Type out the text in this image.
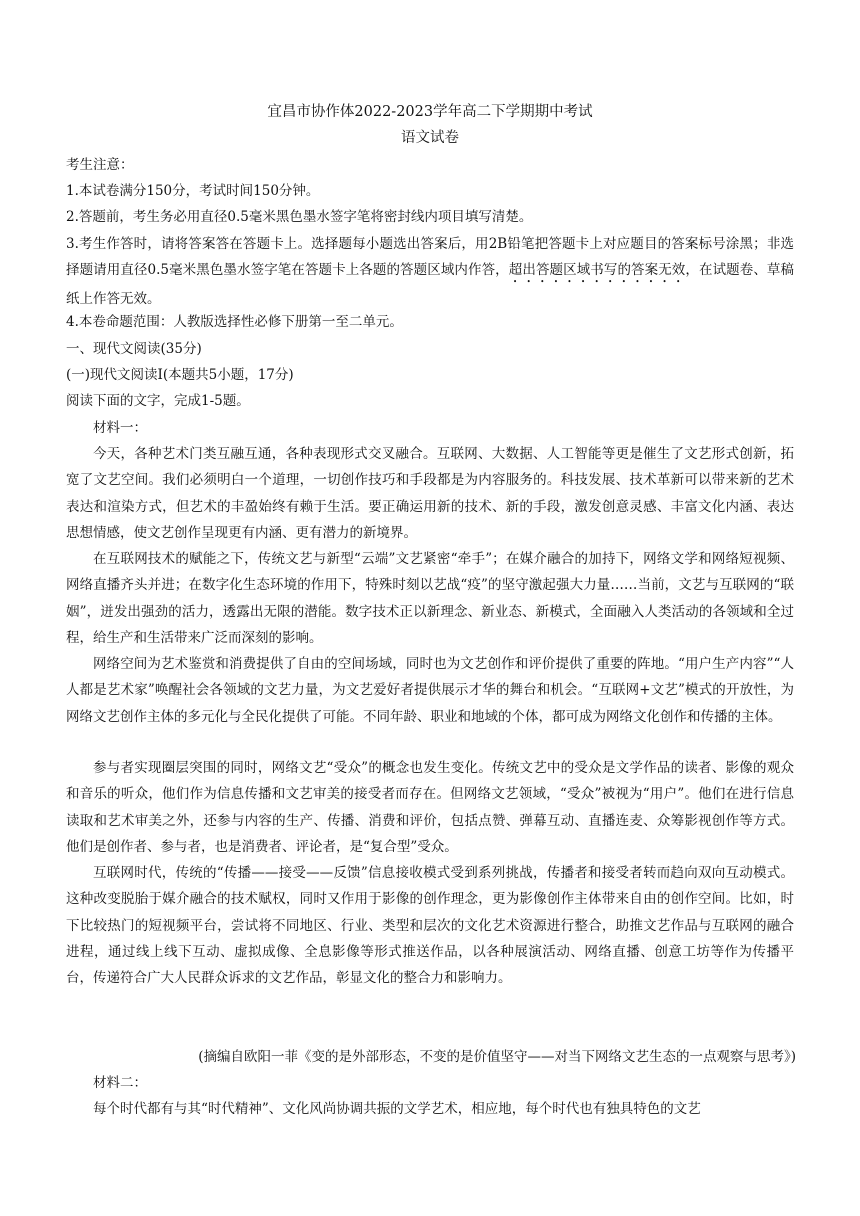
宜昌市协作体2022-2023学年高二下学期期中考试
语文试卷
考生注意：
1.本试卷满分150分，考试时间150分钟。
2.答题前，考生务必用直径0.5毫米黑色墨水签字笔将密封线内项目填写清楚。
3.考生作答时，请将答案答在答题卡上。选择题每小题选出答案后，用2B铅笔把答题卡上对应题目的答案标号涂黑；非选择题请用直径0.5毫米黑色墨水签字笔在答题卡上各题的答题区域内作答，超出答题区域书写的答案无效，在试题卷、草稿纸上作答无效。
4.本卷命题范围：人教版选择性必修下册第一至二单元。
一、现代文阅读(35分)
(一)现代文阅读Ⅰ(本题共5小题，17分)
阅读下面的文字，完成1-5题。
材料一：
今天，各种艺术门类互融互通，各种表现形式交叉融合。互联网、大数据、人工智能等更是催生了文艺形式创新，拓宽了文艺空间。我们必须明白一个道理，一切创作技巧和手段都是为内容服务的。科技发展、技术革新可以带来新的艺术表达和渲染方式，但艺术的丰盈始终有赖于生活。要正确运用新的技术、新的手段，激发创意灵感、丰富文化内涵、表达思想情感，使文艺创作呈现更有内涵、更有潜力的新境界。
在互联网技术的赋能之下，传统文艺与新型“云端”文艺紧密“牵手”；在媒介融合的加持下，网络文学和网络短视频、网络直播齐头并进；在数字化生态环境的作用下，特殊时刻以艺战“疫”的坚守激起强大力量……当前，文艺与互联网的“联姻”，迸发出强劲的活力，透露出无限的潜能。数字技术正以新理念、新业态、新模式，全面融入人类活动的各领域和全过程，给生产和生活带来广泛而深刻的影响。
网络空间为艺术鉴赏和消费提供了自由的空间场域，同时也为文艺创作和评价提供了重要的阵地。“用户生产内容”“人人都是艺术家”唤醒社会各领域的文艺力量，为文艺爱好者提供展示才华的舞台和机会。“互联网+文艺”模式的开放性，为网络文艺创作主体的多元化与全民化提供了可能。不同年龄、职业和地域的个体，都可成为网络文化创作和传播的主体。
参与者实现圈层突围的同时，网络文艺“受众”的概念也发生变化。传统文艺中的受众是文学作品的读者、影像的观众和音乐的听众，他们作为信息传播和文艺审美的接受者而存在。但网络文艺领域，“受众”被视为“用户”。他们在进行信息读取和艺术审美之外，还参与内容的生产、传播、消费和评价，包括点赞、弹幕互动、直播连麦、众筹影视创作等方式。他们是创作者、参与者，也是消费者、评论者，是“复合型”受众。
互联网时代，传统的“传播——接受——反馈”信息接收模式受到系列挑战，传播者和接受者转而趋向双向互动模式。这种改变脱胎于媒介融合的技术赋权，同时又作用于影像的创作理念，更为影像创作主体带来自由的创作空间。比如，时下比较热门的短视频平台，尝试将不同地区、行业、类型和层次的文化艺术资源进行整合，助推文艺作品与互联网的融合进程，通过线上线下互动、虚拟成像、全息影像等形式推送作品，以各种展演活动、网络直播、创意工坊等作为传播平台，传递符合广大人民群众诉求的文艺作品，彰显文化的整合力和影响力。
(摘编自欧阳一菲《变的是外部形态，不变的是价值坚守——对当下网络文艺生态的一点观察与思考》)
材料二：
每个时代都有与其“时代精神”、文化风尚协调共振的文学艺术，相应地，每个时代也有独具特色的文艺
